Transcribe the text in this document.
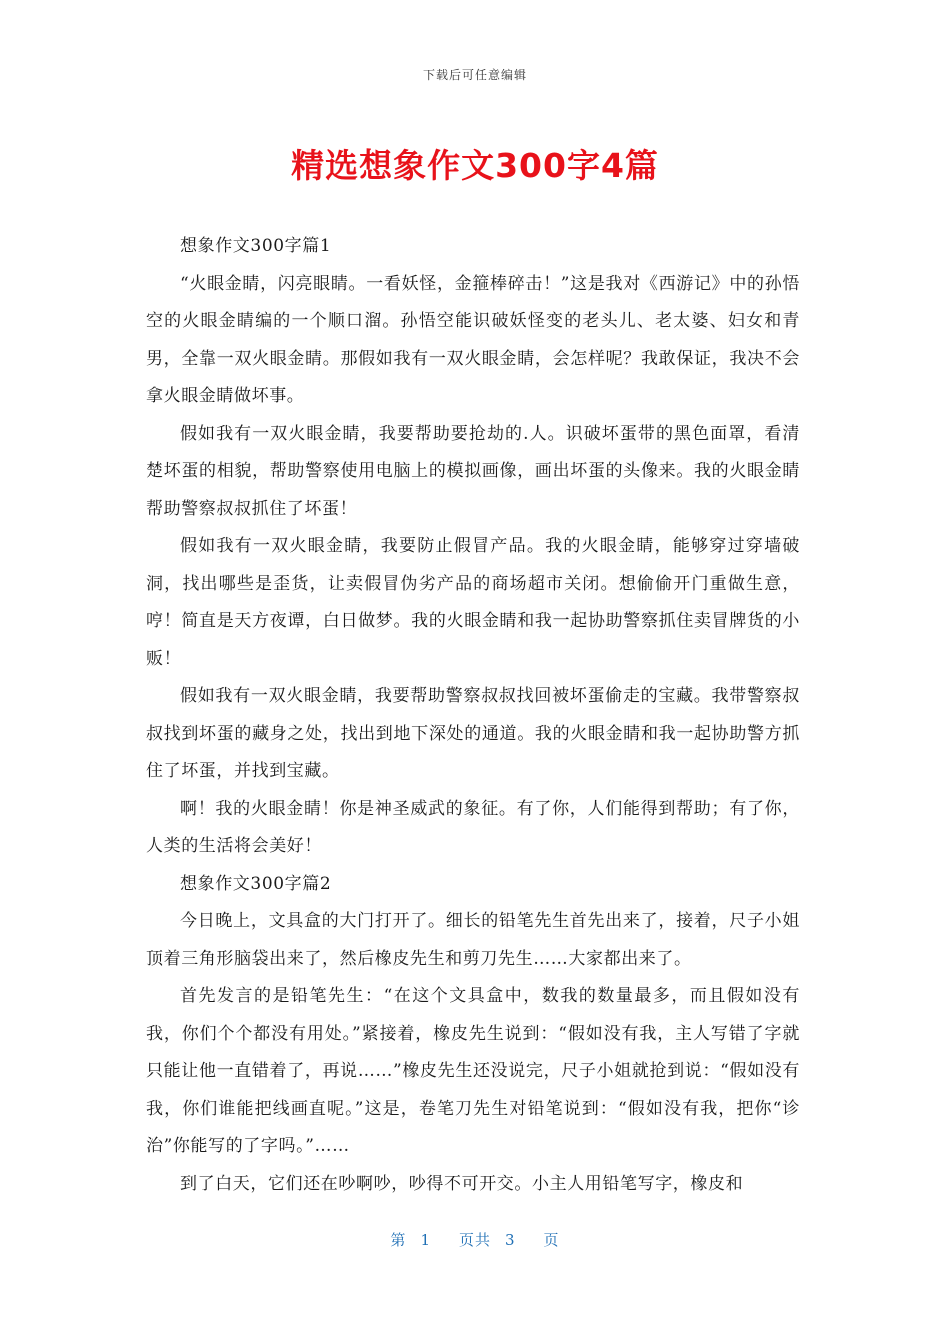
下载后可任意编辑
精选想象作文300字4篇

想象作文300字篇1

“火眼金睛，闪亮眼睛。一看妖怪，金箍棒碎击！”这是我对《西游记》中的孙悟空的火眼金睛编的一个顺口溜。孙悟空能识破妖怪变的老头儿、老太婆、妇女和青男，全靠一双火眼金睛。那假如我有一双火眼金睛，会怎样呢？我敢保证，我决不会拿火眼金睛做坏事。

假如我有一双火眼金睛，我要帮助要抢劫的.人。识破坏蛋带的黑色面罩，看清楚坏蛋的相貌，帮助警察使用电脑上的模拟画像，画出坏蛋的头像来。我的火眼金睛帮助警察叔叔抓住了坏蛋！

假如我有一双火眼金睛，我要防止假冒产品。我的火眼金睛，能够穿过穿墙破洞，找出哪些是歪货，让卖假冒伪劣产品的商场超市关闭。想偷偷开门重做生意，哼！简直是天方夜谭，白日做梦。我的火眼金睛和我一起协助警察抓住卖冒牌货的小贩！

假如我有一双火眼金睛，我要帮助警察叔叔找回被坏蛋偷走的宝藏。我带警察叔叔找到坏蛋的藏身之处，找出到地下深处的通道。我的火眼金睛和我一起协助警方抓住了坏蛋，并找到宝藏。

啊！我的火眼金睛！你是神圣威武的象征。有了你，人们能得到帮助；有了你，人类的生活将会美好！

想象作文300字篇2

今日晚上，文具盒的大门打开了。细长的铅笔先生首先出来了，接着，尺子小姐顶着三角形脑袋出来了，然后橡皮先生和剪刀先生……大家都出来了。

首先发言的是铅笔先生：“在这个文具盒中，数我的数量最多，而且假如没有我，你们个个都没有用处。”紧接着，橡皮先生说到：“假如没有我，主人写错了字就只能让他一直错着了，再说……”橡皮先生还没说完，尺子小姐就抢到说：“假如没有我，你们谁能把线画直呢。”这是，卷笔刀先生对铅笔说到：“假如没有我，把你“诊治”你能写的了字吗。”……

到了白天，它们还在吵啊吵，吵得不可开交。小主人用铅笔写字，橡皮和

第 1 页共 3 页
